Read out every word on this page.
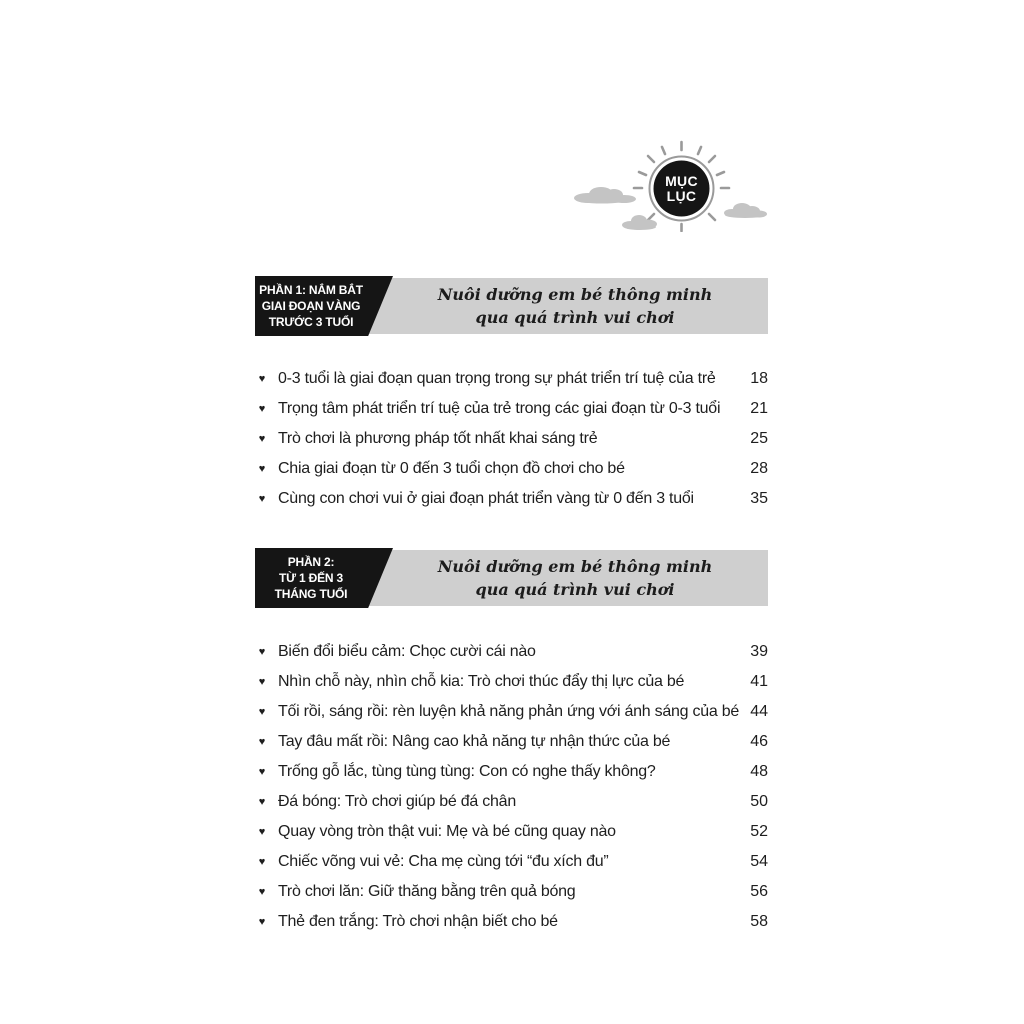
MỤC
LỤC
PHẦN 1: NẮM BẮT
GIAI ĐOẠN VÀNG
TRƯỚC 3 TUỔI
Nuôi dưỡng em bé thông minh
qua quá trình vui chơi
♥ 0-3 tuổi là giai đoạn quan trọng trong sự phát triển trí tuệ của trẻ 18
♥ Trọng tâm phát triển trí tuệ của trẻ trong các giai đoạn từ 0-3 tuổi 21
♥ Trò chơi là phương pháp tốt nhất khai sáng trẻ	25
♥ Chia giai đoạn từ 0 đến 3 tuổi chọn đồ chơi cho bé	28
♥ Cùng con chơi vui ở giai đoạn phát triển vàng từ 0 đến 3 tuổi	35
PHẦN 2:
TỪ 1 ĐẾN 3
THÁNG TUỔI
Nuôi dưỡng em bé thông minh
qua quá trình vui chơi
♥ Biến đổi biểu cảm: Chọc cười cái nào	39
♥ Nhìn chỗ này, nhìn chỗ kia: Trò chơi thúc đẩy thị lực của bé	41
♥ Tối rồi, sáng rồi: rèn luyện khả năng phản ứng với ánh sáng của bé 44
♥ Tay đâu mất rồi: Nâng cao khả năng tự nhận thức của bé	46
♥ Trống gỗ lắc, tùng tùng tùng: Con có nghe thấy không?	48
♥ Đá bóng: Trò chơi giúp bé đá chân	50
♥ Quay vòng tròn thật vui: Mẹ và bé cũng quay nào	52
♥ Chiếc võng vui vẻ: Cha mẹ cùng tới “đu xích đu”	54
♥ Trò chơi lăn: Giữ thăng bằng trên quả bóng	56
♥ Thẻ đen trắng: Trò chơi nhận biết cho bé	58
